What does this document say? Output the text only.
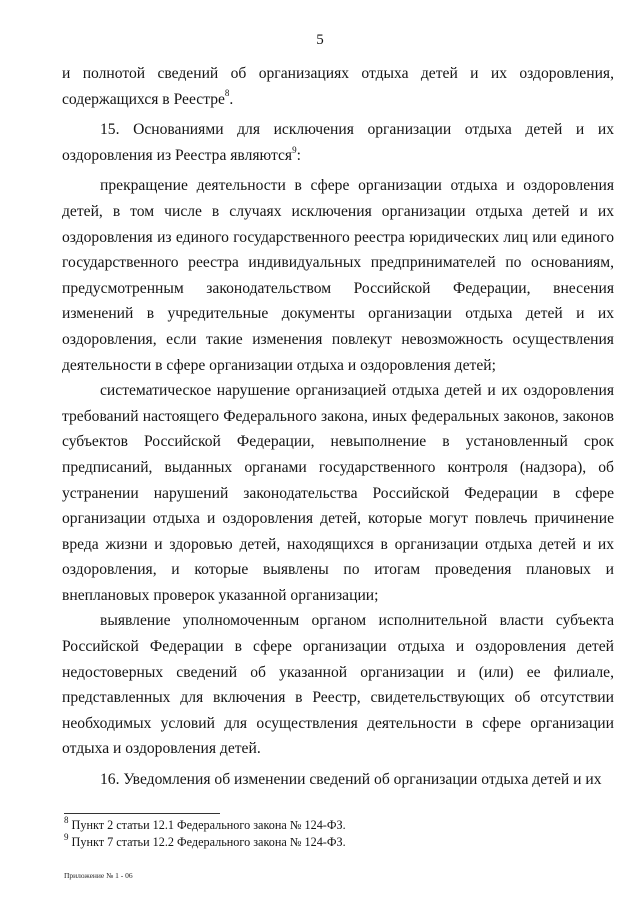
5

и полнотой сведений об организациях отдыха детей и их оздоровления, содержащихся в Реестре$^8$.

15. Основаниями для исключения организации отдыха детей и их оздоровления из Реестра являются$^9$:

прекращение деятельности в сфере организации отдыха и оздоровления детей, в том числе в случаях исключения организации отдыха детей и их оздоровления из единого государственного реестра юридических лиц или единого государственного реестра индивидуальных предпринимателей по основаниям, предусмотренным законодательством Российской Федерации, внесения изменений в учредительные документы организации отдыха детей и их оздоровления, если такие изменения повлекут невозможность осуществления деятельности в сфере организации отдыха и оздоровления детей;

систематическое нарушение организацией отдыха детей и их оздоровления требований настоящего Федерального закона, иных федеральных законов, законов субъектов Российской Федерации, невыполнение в установленный срок предписаний, выданных органами государственного контроля (надзора), об устранении нарушений законодательства Российской Федерации в сфере организации отдыха и оздоровления детей, которые могут повлечь причинение вреда жизни и здоровью детей, находящихся в организации отдыха детей и их оздоровления, и которые выявлены по итогам проведения плановых и внеплановых проверок указанной организации;

выявление уполномоченным органом исполнительной власти субъекта Российской Федерации в сфере организации отдыха и оздоровления детей недостоверных сведений об указанной организации и (или) ее филиале, представленных для включения в Реестр, свидетельствующих об отсутствии необходимых условий для осуществления деятельности в сфере организации отдыха и оздоровления детей.

16. Уведомления об изменении сведений об организации отдыха детей и их

$^8$ Пункт 2 статьи 12.1 Федерального закона № 124-ФЗ.
$^9$ Пункт 7 статьи 12.2 Федерального закона № 124-ФЗ.
Приложение № 1 - 06
